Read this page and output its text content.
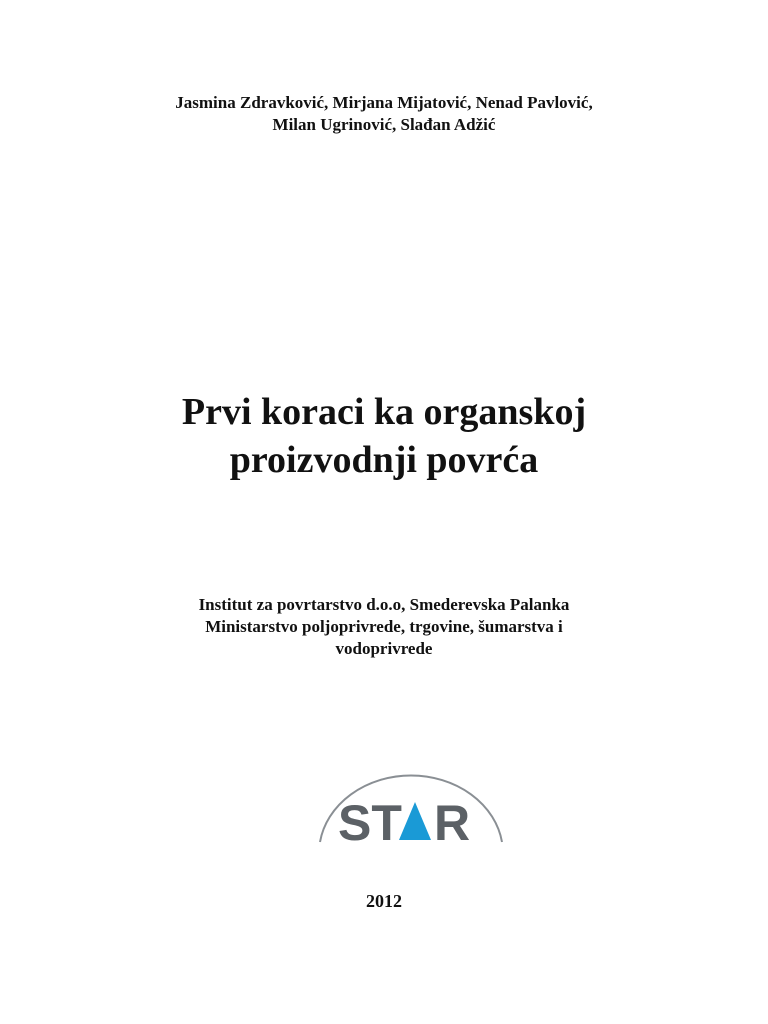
Jasmina Zdravković, Mirjana Mijatović, Nenad Pavlović,
Milan Ugrinović, Slađan Adžić
Prvi koraci ka organskoj
proizvodnji povrća
Institut za povrtarstvo d.o.o, Smederevska Palanka
Ministarstvo poljoprivrede, trgovine, šumarstva i
vodoprivrede
ST R
2012
